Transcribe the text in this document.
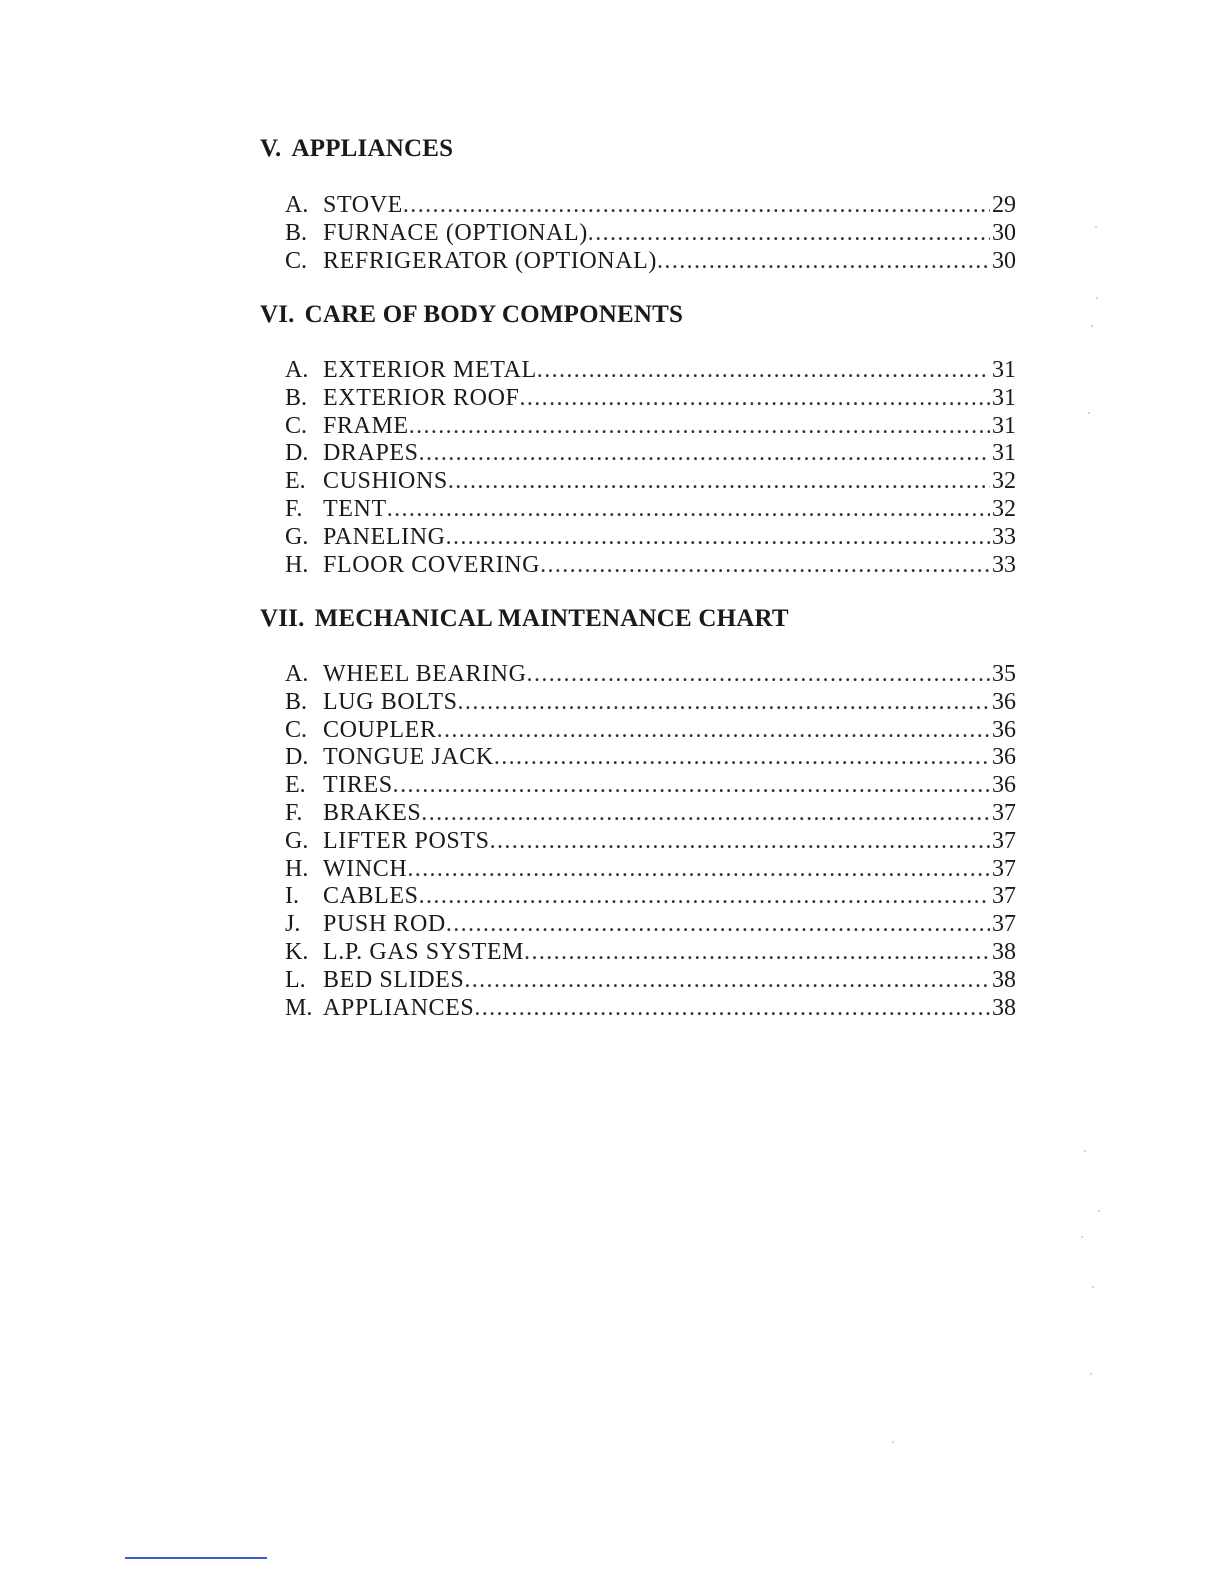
V. APPLIANCES
A. STOVE .....	29
B. FURNACE (OPTIONAL) .....	30
C. REFRIGERATOR (OPTIONAL) .....	30
VI. CARE OF BODY COMPONENTS
A. EXTERIOR METAL .....	31
B. EXTERIOR ROOF .....	31
C. FRAME .....	31
D. DRAPES .....	31
E. CUSHIONS .....	32
F. TENT .....	32
G. PANELING .....	33
H. FLOOR COVERING .....	33
VII. MECHANICAL MAINTENANCE CHART
A. WHEEL BEARING .....	35
B. LUG BOLTS .....	36
C. COUPLER .....	36
D. TONGUE JACK .....	36
E. TIRES .....	36
F. BRAKES .....	37
G. LIFTER POSTS .....	37
H. WINCH .....	37
I. CABLES .....	37
J. PUSH ROD .....	37
K. L.P. GAS SYSTEM .....	38
L. BED SLIDES .....	38
M. APPLIANCES .....	38
